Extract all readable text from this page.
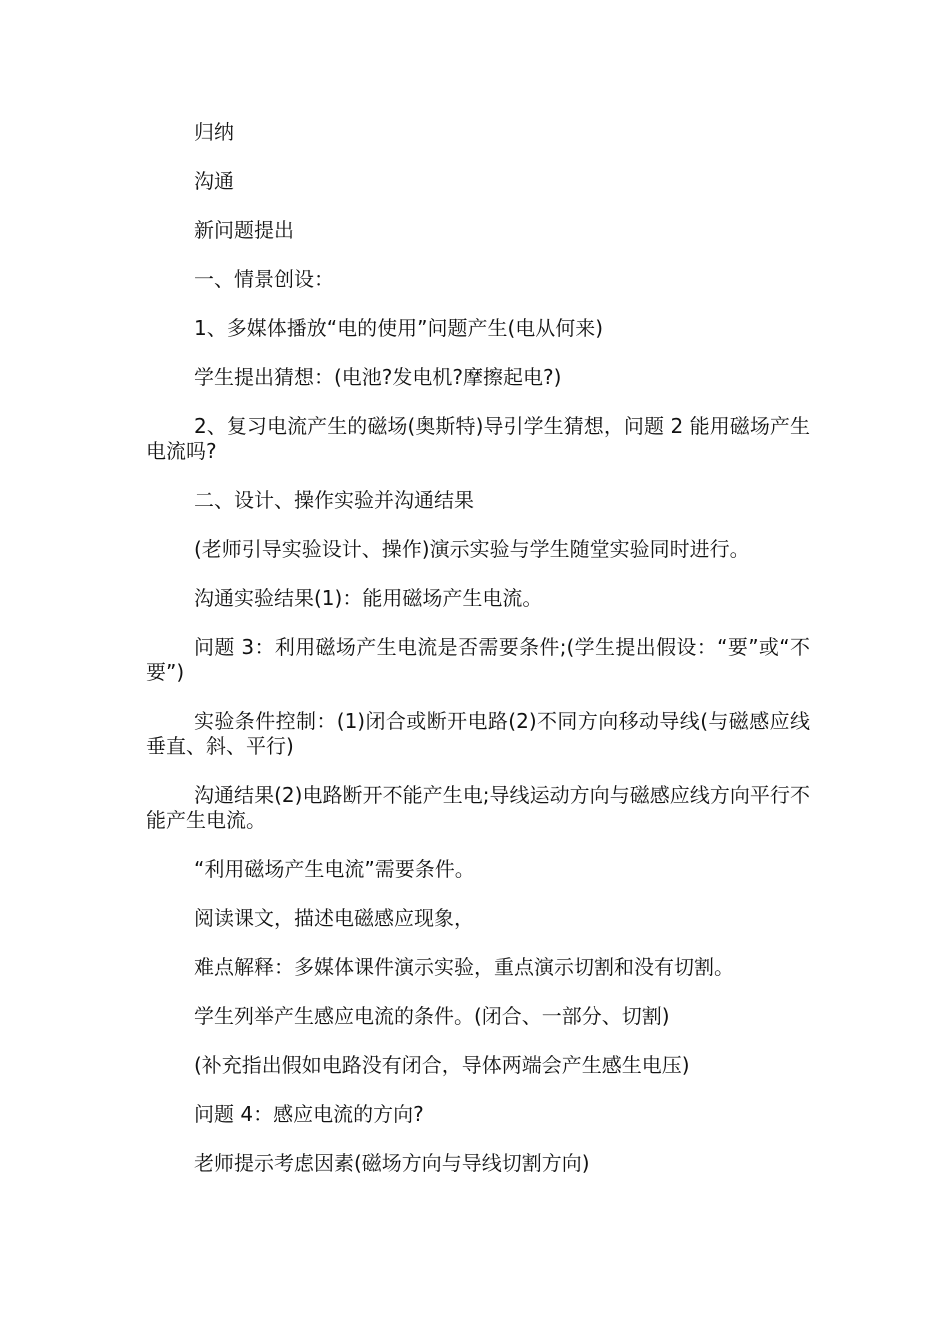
归纳

沟通

新问题提出

一、情景创设：

1、多媒体播放“电的使用”问题产生(电从何来)

学生提出猜想：(电池?发电机?摩擦起电?)

2、复习电流产生的磁场(奥斯特)导引学生猜想，问题 2 能用磁场产生电流吗?

二、设计、操作实验并沟通结果

(老师引导实验设计、操作)演示实验与学生随堂实验同时进行。

沟通实验结果(1)：能用磁场产生电流。

问题 3：利用磁场产生电流是否需要条件;(学生提出假设：“要”或“不要”)

实验条件控制：(1)闭合或断开电路(2)不同方向移动导线(与磁感应线垂直、斜、平行)

沟通结果(2)电路断开不能产生电;导线运动方向与磁感应线方向平行不能产生电流。

“利用磁场产生电流”需要条件。

阅读课文，描述电磁感应现象，

难点解释：多媒体课件演示实验，重点演示切割和没有切割。

学生列举产生感应电流的条件。(闭合、一部分、切割)

(补充指出假如电路没有闭合，导体两端会产生感生电压)

问题 4：感应电流的方向?

老师提示考虑因素(磁场方向与导线切割方向)
